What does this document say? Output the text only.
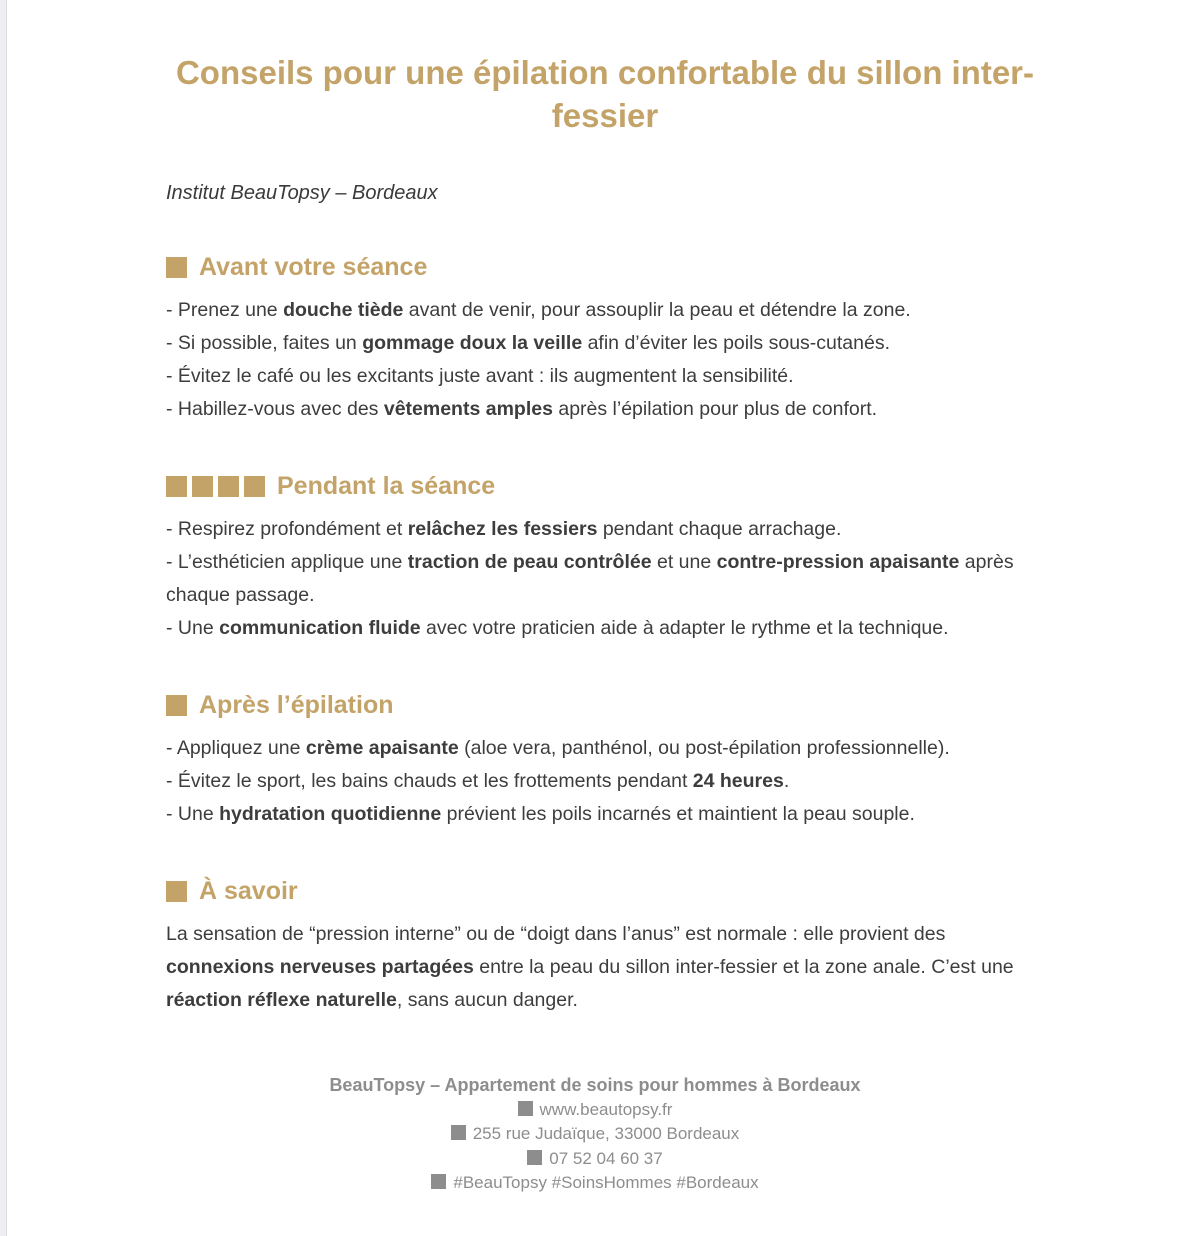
Conseils pour une épilation confortable du sillon inter-fessier
Institut BeauTopsy – Bordeaux
Avant votre séance

- Prenez une douche tiède avant de venir, pour assouplir la peau et détendre la zone.

- Si possible, faites un gommage doux la veille afin d’éviter les poils sous-cutanés.

- Évitez le café ou les excitants juste avant : ils augmentent la sensibilité.

- Habillez-vous avec des vêtements amples après l’épilation pour plus de confort.

Pendant la séance

- Respirez profondément et relâchez les fessiers pendant chaque arrachage.

- L’esthéticien applique une traction de peau contrôlée et une contre-pression apaisante après chaque passage.

- Une communication fluide avec votre praticien aide à adapter le rythme et la technique.

Après l’épilation

- Appliquez une crème apaisante (aloe vera, panthénol, ou post-épilation professionnelle).

- Évitez le sport, les bains chauds et les frottements pendant 24 heures.

- Une hydratation quotidienne prévient les poils incarnés et maintient la peau souple.

À savoir

La sensation de “pression interne” ou de “doigt dans l’anus” est normale : elle provient des connexions nerveuses partagées entre la peau du sillon inter-fessier et la zone anale. C’est une réaction réflexe naturelle, sans aucun danger.

BeauTopsy – Appartement de soins pour hommes à Bordeaux
www.beautopsy.fr
255 rue Judaïque, 33000 Bordeaux
07 52 04 60 37
#BeauTopsy #SoinsHommes #Bordeaux
